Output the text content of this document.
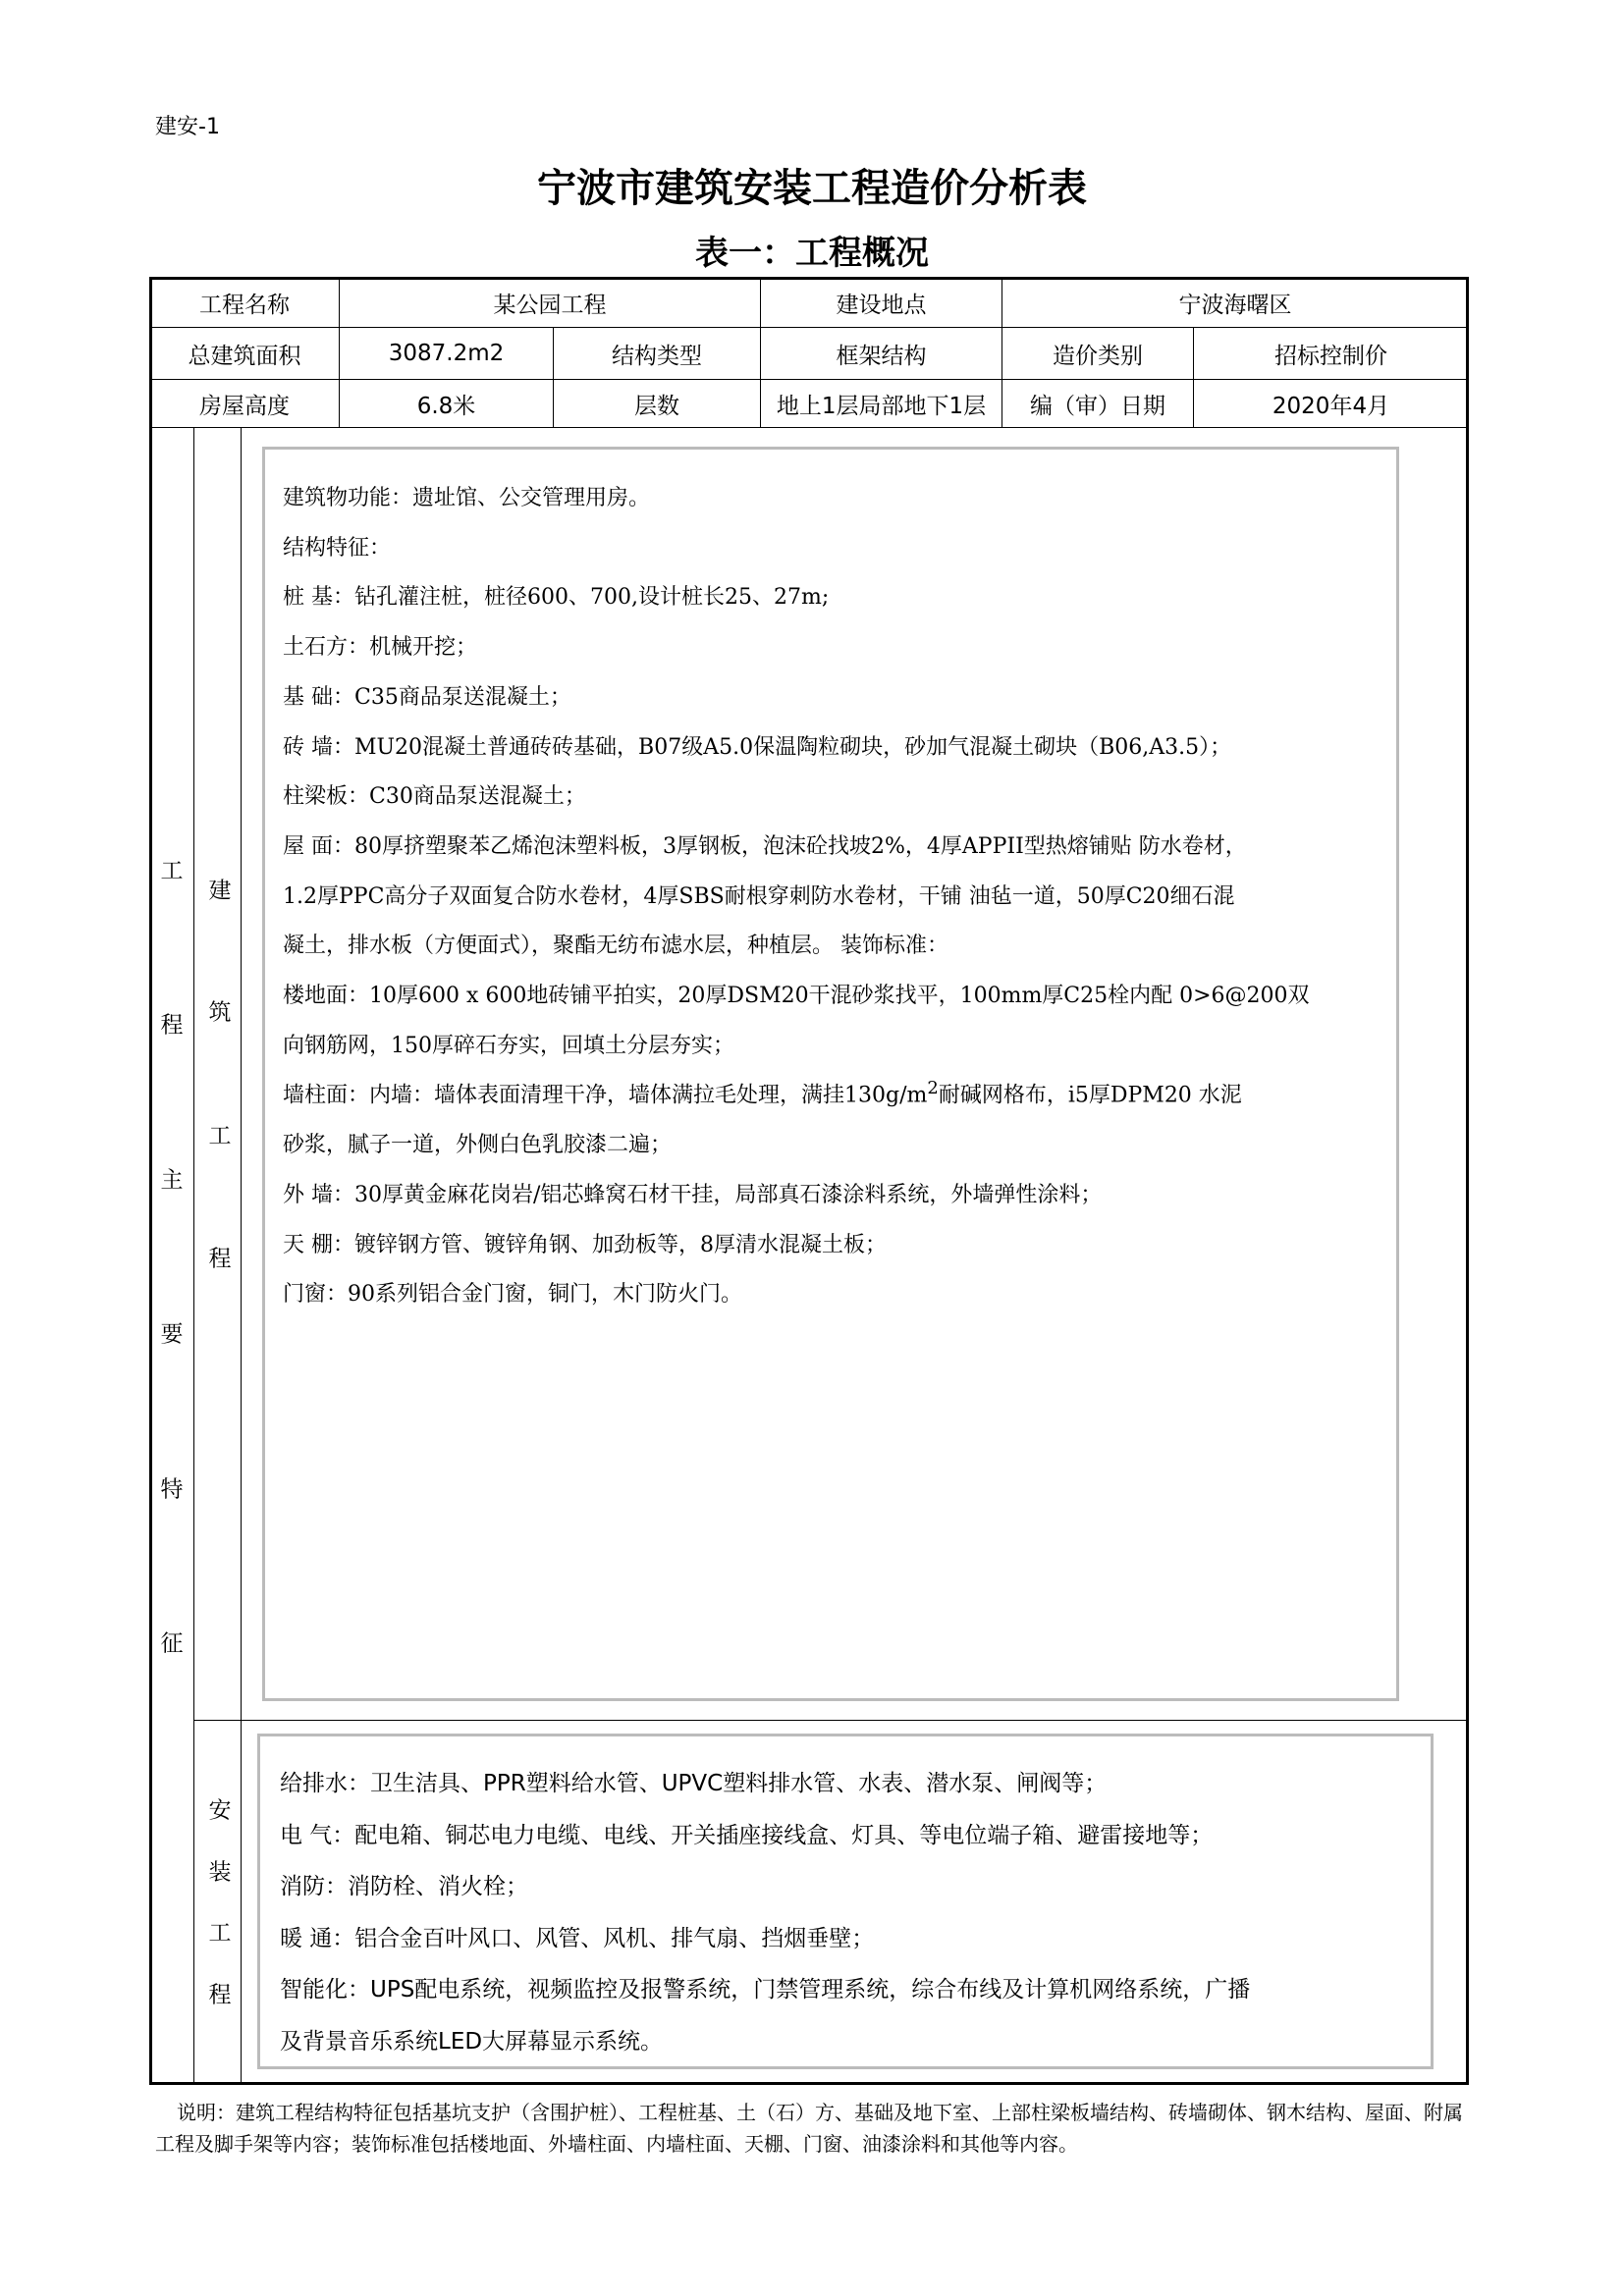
建安-1
宁波市建筑安装工程造价分析表
表一：工程概况
工程名称	某公园工程	建设地点	宁波海曙区
总建筑面积	3087.2m2	结构类型	框架结构	造价类别	招标控制价
房屋高度	6.8米	层数	地上1层局部地下1层	编（审）日期	2020年4月
工
程
主
要
特
征
建
筑
工
程
安
装
工
程
建筑物功能：遗址馆、公交管理用房。
结构特征：
桩 基：钻孔灌注桩，桩径600、700,设计桩长25、27m;
土石方：机械开挖；
基 础：C35商品泵送混凝土；
砖 墙：MU20混凝土普通砖砖基础，B07级A5.0保温陶粒砌块，砂加气混凝土砌块（B06,A3.5）；
柱梁板：C30商品泵送混凝土；
屋 面：80厚挤塑聚苯乙烯泡沫塑料板，3厚钢板，泡沫砼找坡2%，4厚APPII型热熔铺贴 防水卷材，
1.2厚PPC高分子双面复合防水卷材，4厚SBS耐根穿刺防水卷材，干铺 油毡一道，50厚C20细石混
凝土，排水板（方便面式），聚酯无纺布滤水层，种植层。 装饰标准：
楼地面：10厚600 x 600地砖铺平拍实，20厚DSM20干混砂浆找平，100mm厚C25栓内配 0>6@200双
向钢筋网，150厚碎石夯实，回填土分层夯实；
墙柱面：内墙：墙体表面清理干净，墙体满拉毛处理，满挂$130g/m^2$耐碱网格布，i5厚DPM20 水泥
砂浆，腻子一道，外侧白色乳胶漆二遍；
外 墙：30厚黄金麻花岗岩/铝芯蜂窝石材干挂，局部真石漆涂料系统，外墙弹性涂料；
天 棚：镀锌钢方管、镀锌角钢、加劲板等，8厚清水混凝土板；
门窗：90系列铝合金门窗，铜门，木门防火门。
给排水：卫生洁具、PPR塑料给水管、UPVC塑料排水管、水表、潜水泵、闸阀等；
电 气：配电箱、铜芯电力电缆、电线、开关插座接线盒、灯具、等电位端子箱、避雷接地等；
消防：消防栓、消火栓；
暖 通：铝合金百叶风口、风管、风机、排气扇、挡烟垂壁；
智能化：UPS配电系统，视频监控及报警系统，门禁管理系统，综合布线及计算机网络系统，广播
及背景音乐系统LED大屏幕显示系统。
说明：建筑工程结构特征包括基坑支护（含围护桩）、工程桩基、土（石）方、基础及地下室、上部柱梁板墙结构、砖墙砌体、钢木结构、屋面、附属工程及脚手架等内容；装饰标准包括楼地面、外墙柱面、内墙柱面、天棚、门窗、油漆涂料和其他等内容。
